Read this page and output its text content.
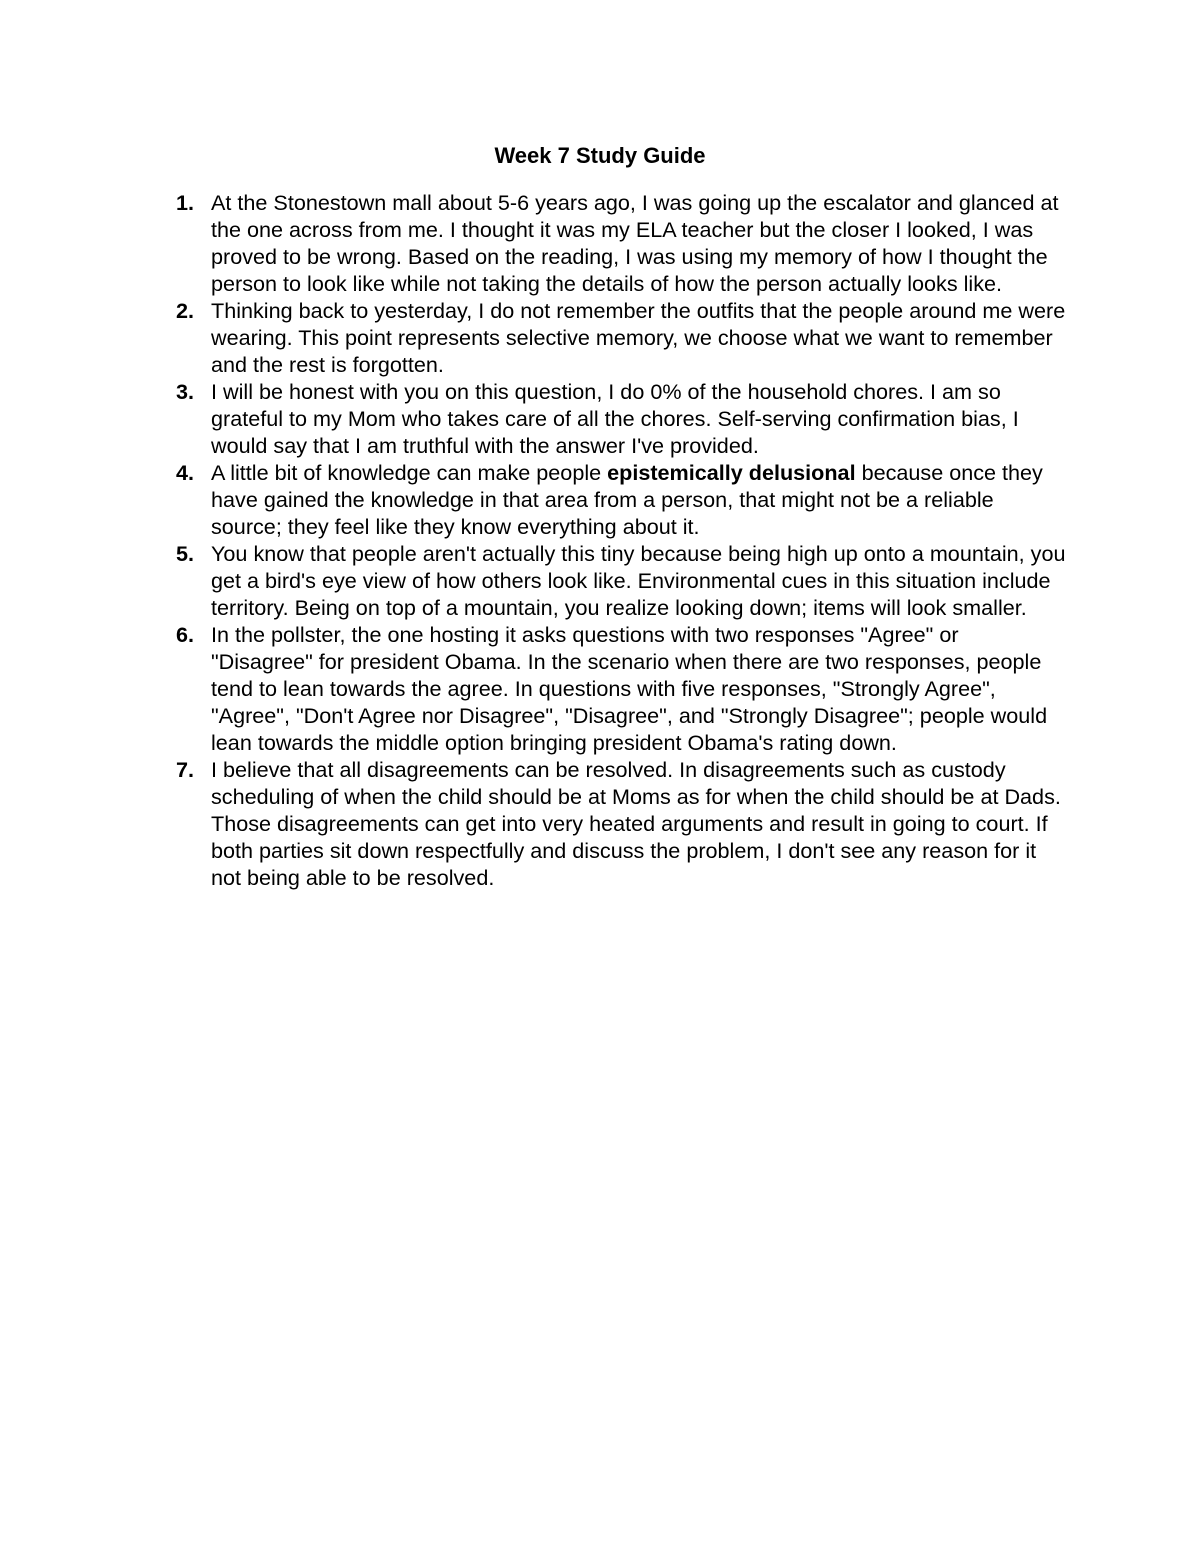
Week 7 Study Guide
1. At the Stonestown mall about 5-6 years ago, I was going up the escalator and glanced at the one across from me. I thought it was my ELA teacher but the closer I looked, I was proved to be wrong. Based on the reading, I was using my memory of how I thought the person to look like while not taking the details of how the person actually looks like.
2. Thinking back to yesterday, I do not remember the outfits that the people around me were wearing. This point represents selective memory, we choose what we want to remember and the rest is forgotten.
3. I will be honest with you on this question, I do 0% of the household chores. I am so grateful to my Mom who takes care of all the chores. Self-serving confirmation bias, I would say that I am truthful with the answer I've provided.
4. A little bit of knowledge can make people epistemically delusional because once they have gained the knowledge in that area from a person, that might not be a reliable source; they feel like they know everything about it.
5. You know that people aren't actually this tiny because being high up onto a mountain, you get a bird's eye view of how others look like. Environmental cues in this situation include territory. Being on top of a mountain, you realize looking down; items will look smaller.
6. In the pollster, the one hosting it asks questions with two responses "Agree" or "Disagree" for president Obama. In the scenario when there are two responses, people tend to lean towards the agree. In questions with five responses, "Strongly Agree", "Agree", "Don't Agree nor Disagree", "Disagree", and "Strongly Disagree"; people would lean towards the middle option bringing president Obama's rating down.
7. I believe that all disagreements can be resolved. In disagreements such as custody scheduling of when the child should be at Moms as for when the child should be at Dads. Those disagreements can get into very heated arguments and result in going to court. If both parties sit down respectfully and discuss the problem, I don't see any reason for it not being able to be resolved.
